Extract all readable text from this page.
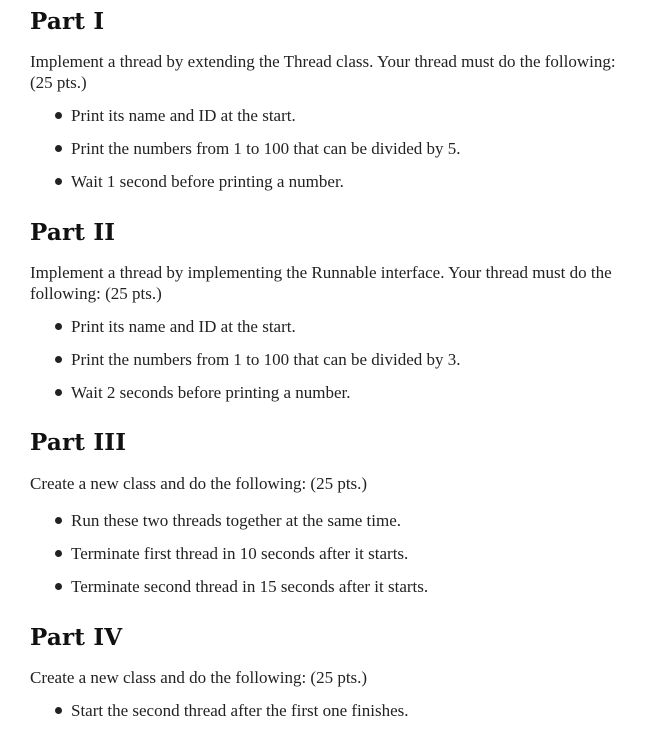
Part I

Implement a thread by extending the Thread class. Your thread must do the following: (25 pts.)

Print its name and ID at the start.
Print the numbers from 1 to 100 that can be divided by 5.
Wait 1 second before printing a number.
Part II

Implement a thread by implementing the Runnable interface. Your thread must do the following: (25 pts.)

Print its name and ID at the start.
Print the numbers from 1 to 100 that can be divided by 3.
Wait 2 seconds before printing a number.
Part III

Create a new class and do the following: (25 pts.)

Run these two threads together at the same time.
Terminate first thread in 10 seconds after it starts.
Terminate second thread in 15 seconds after it starts.
Part IV

Create a new class and do the following: (25 pts.)

Start the second thread after the first one finishes.
